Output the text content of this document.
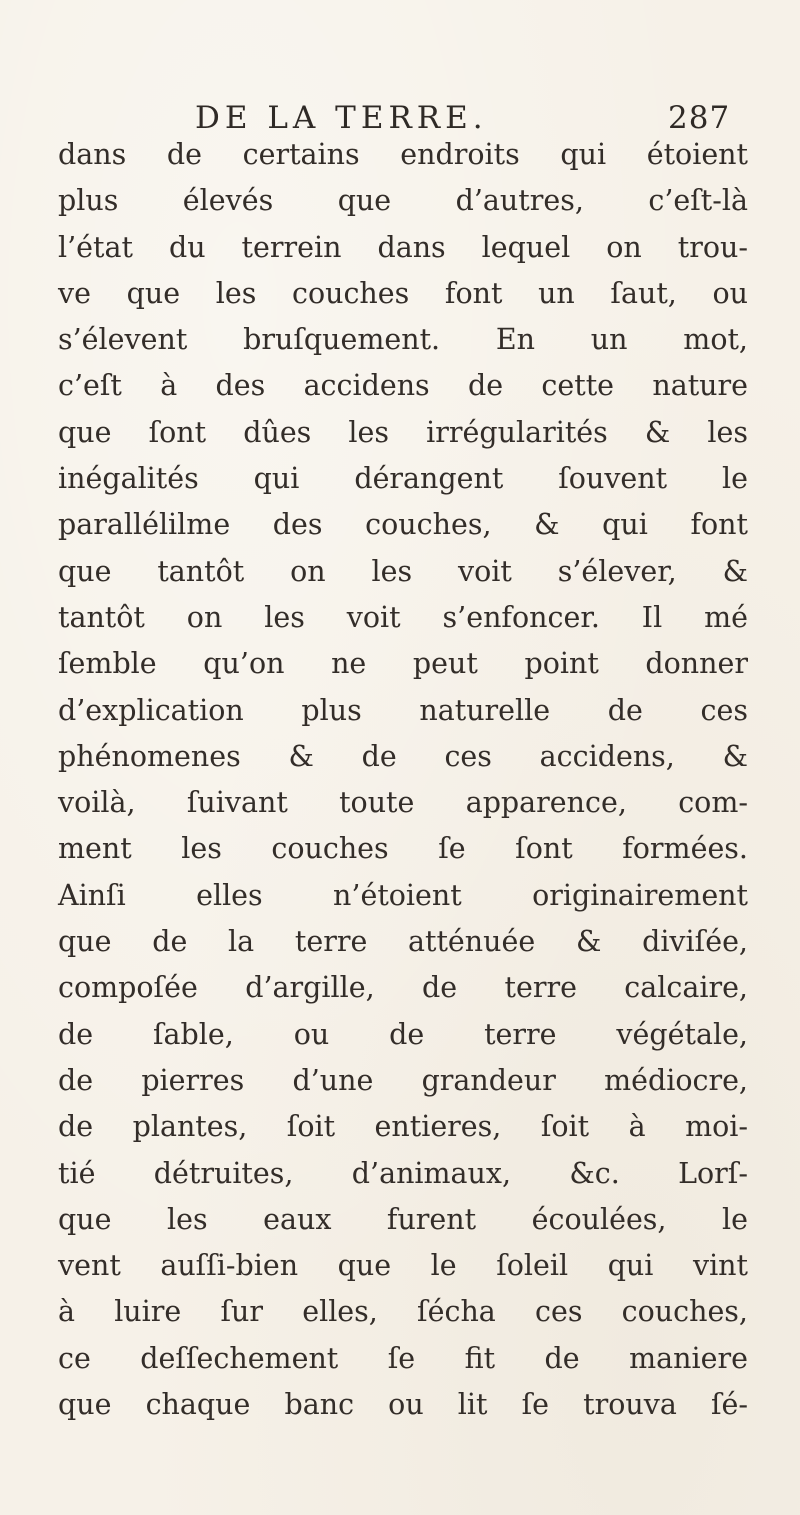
DE LA TERRE.	287
dans de certains endroits qui étoient
plus élevés que d’autres, c’eſt-là
l’état du terrein dans lequel on trou-
ve que les couches font un ſaut, ou
s’élevent bruſquement. En un mot,
c’eſt à des accidens de cette nature
que ſont dûes les irrégularités & les
inégalités qui dérangent ſouvent le
parallélilme des couches, & qui font
que tantôt on les voit s’élever, &
tantôt on les voit s’enfoncer. Il mé
ſemble qu’on ne peut point donner
d’explication plus naturelle de ces
phénomenes & de ces accidens, &
voilà, ſuivant toute apparence, com-
ment les couches ſe ſont formées.
Ainſi elles n’étoient originairement
que de la terre atténuée & diviſée,
compoſée d’argille, de terre calcaire,
de ſable, ou de terre végétale,
de pierres d’une grandeur médiocre,
de plantes, ſoit entieres, ſoit à moi-
tié détruites, d’animaux, &c. Lorſ-
que les eaux furent écoulées, le
vent auſſi-bien que le ſoleil qui vint
à luire ſur elles, ſécha ces couches,
ce deſſechement ſe fit de maniere
que chaque banc ou lit ſe trouva ſé-
